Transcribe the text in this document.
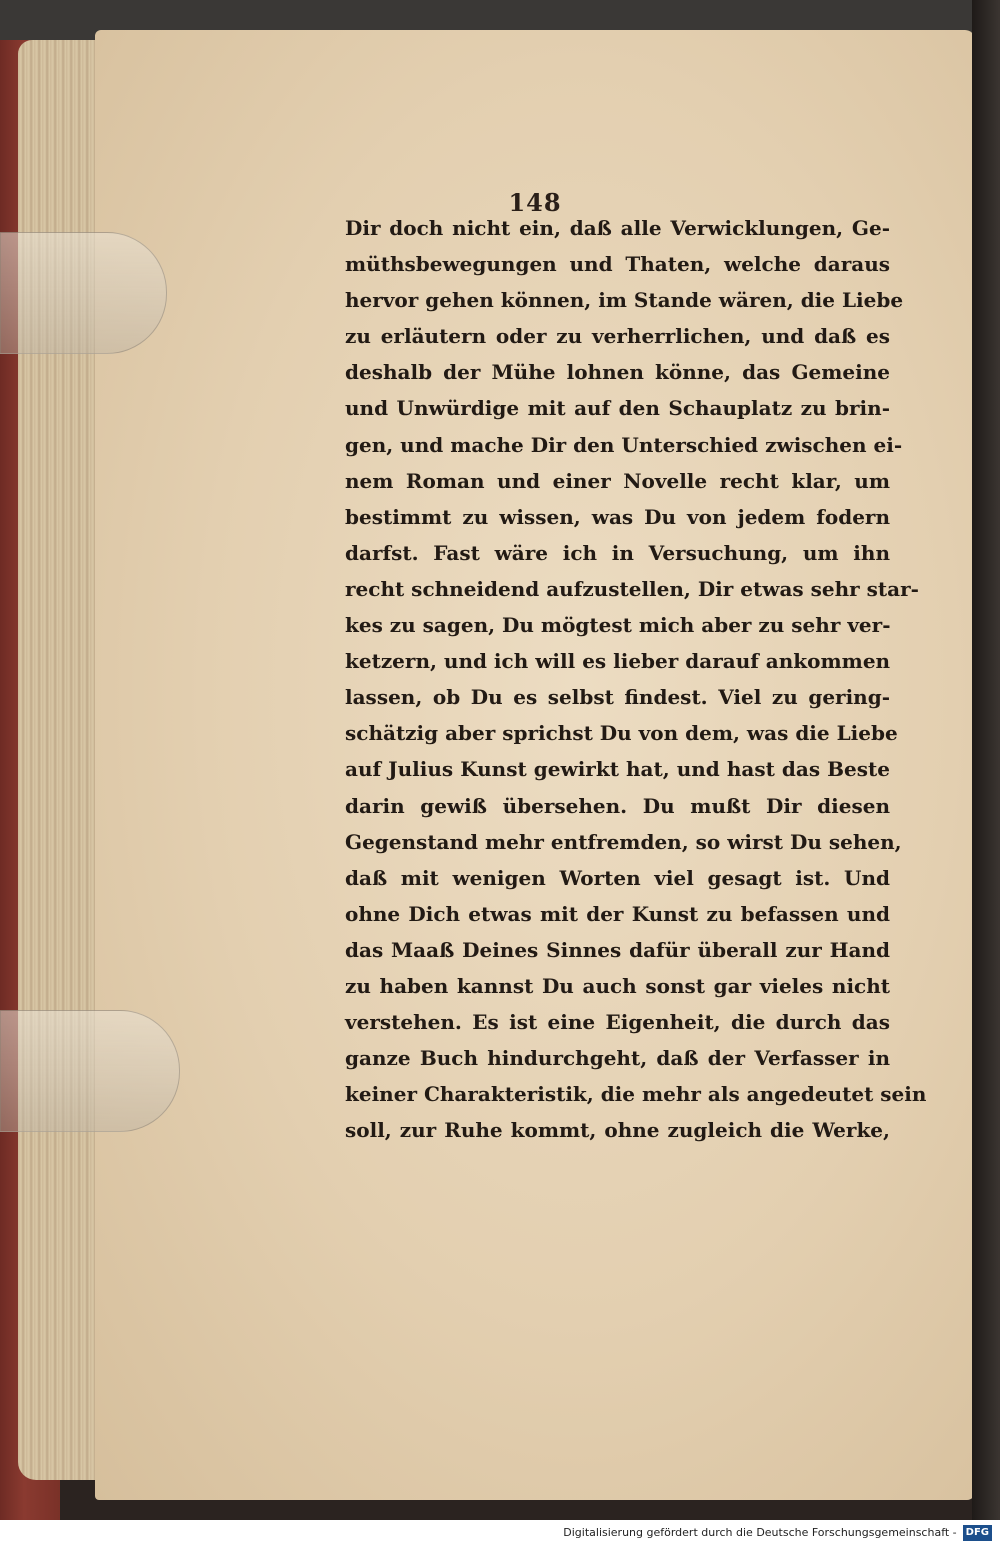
148
Dir doch nicht ein, daß alle Verwicklungen, Ge-
müthsbewegungen und Thaten, welche daraus
hervor gehen können, im Stande wären, die Liebe
zu erläutern oder zu verherrlichen, und daß es
deshalb der Mühe lohnen könne, das Gemeine
und Unwürdige mit auf den Schauplatz zu brin-
gen, und mache Dir den Unterschied zwischen ei-
nem Roman und einer Novelle recht klar, um
bestimmt zu wissen, was Du von jedem fodern
darfst. Fast wäre ich in Versuchung, um ihn
recht schneidend aufzustellen, Dir etwas sehr star-
kes zu sagen, Du mögtest mich aber zu sehr ver-
ketzern, und ich will es lieber darauf ankommen
lassen, ob Du es selbst findest. Viel zu gering-
schätzig aber sprichst Du von dem, was die Liebe
auf Julius Kunst gewirkt hat, und hast das Beste
darin gewiß übersehen. Du mußt Dir diesen
Gegenstand mehr entfremden, so wirst Du sehen,
daß mit wenigen Worten viel gesagt ist. Und
ohne Dich etwas mit der Kunst zu befassen und
das Maaß Deines Sinnes dafür überall zur Hand
zu haben kannst Du auch sonst gar vieles nicht
verstehen. Es ist eine Eigenheit, die durch das
ganze Buch hindurchgeht, daß der Verfasser in
keiner Charakteristik, die mehr als angedeutet sein
soll, zur Ruhe kommt, ohne zugleich die Werke,
Digitalisierung gefördert durch die Deutsche Forschungsgemeinschaft - DFG
